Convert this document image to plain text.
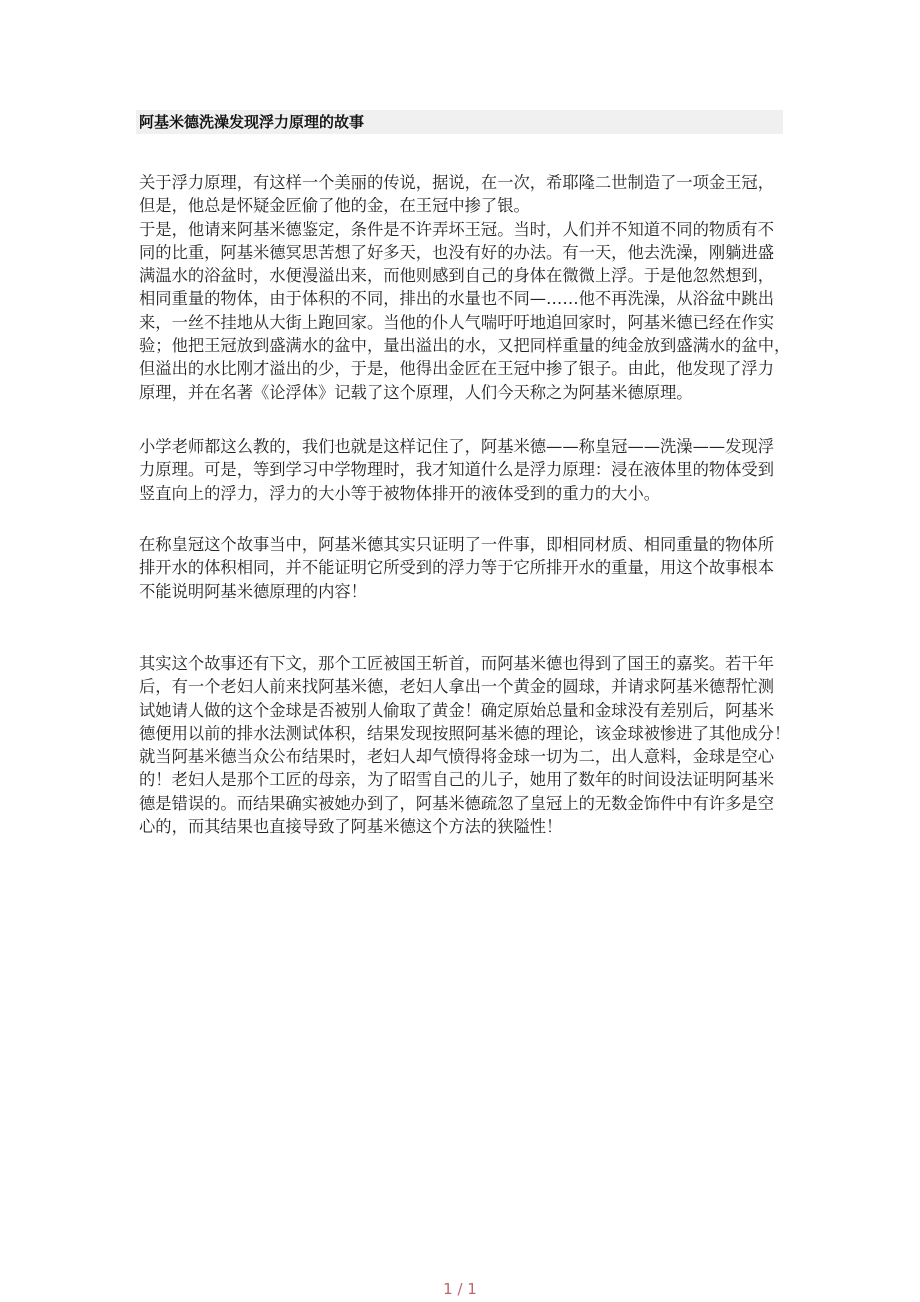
阿基米德洗澡发现浮力原理的故事
关于浮力原理，有这样一个美丽的传说，据说，在一次，希耶隆二世制造了一项金王冠，
但是，他总是怀疑金匠偷了他的金，在王冠中掺了银。
于是，他请来阿基米德鉴定，条件是不许弄坏王冠。当时，人们并不知道不同的物质有不
同的比重，阿基米德冥思苦想了好多天，也没有好的办法。有一天，他去洗澡，刚躺进盛
满温水的浴盆时，水便漫溢出来，而他则感到自己的身体在微微上浮。于是他忽然想到，
相同重量的物体，由于体积的不同，排出的水量也不同—……他不再洗澡，从浴盆中跳出
来，一丝不挂地从大街上跑回家。当他的仆人气喘吁吁地追回家时，阿基米德已经在作实
验；他把王冠放到盛满水的盆中，量出溢出的水，又把同样重量的纯金放到盛满水的盆中，
但溢出的水比刚才溢出的少，于是，他得出金匠在王冠中掺了银子。由此，他发现了浮力
原理，并在名著《论浮体》记载了这个原理，人们今天称之为阿基米德原理。
小学老师都这么教的，我们也就是这样记住了，阿基米德——称皇冠——洗澡——发现浮
力原理。可是，等到学习中学物理时，我才知道什么是浮力原理：浸在液体里的物体受到
竖直向上的浮力，浮力的大小等于被物体排开的液体受到的重力的大小。
在称皇冠这个故事当中，阿基米德其实只证明了一件事，即相同材质、相同重量的物体所
排开水的体积相同，并不能证明它所受到的浮力等于它所排开水的重量，用这个故事根本
不能说明阿基米德原理的内容！
其实这个故事还有下文，那个工匠被国王斩首，而阿基米德也得到了国王的嘉奖。若干年
后，有一个老妇人前来找阿基米德，老妇人拿出一个黄金的圆球，并请求阿基米德帮忙测
试她请人做的这个金球是否被别人偷取了黄金！确定原始总量和金球没有差别后，阿基米
德便用以前的排水法测试体积，结果发现按照阿基米德的理论，该金球被惨进了其他成分！
就当阿基米德当众公布结果时，老妇人却气愤得将金球一切为二，出人意料，金球是空心
的！老妇人是那个工匠的母亲，为了昭雪自己的儿子，她用了数年的时间设法证明阿基米
德是错误的。而结果确实被她办到了，阿基米德疏忽了皇冠上的无数金饰件中有许多是空
心的，而其结果也直接导致了阿基米德这个方法的狭隘性！
1 / 1
